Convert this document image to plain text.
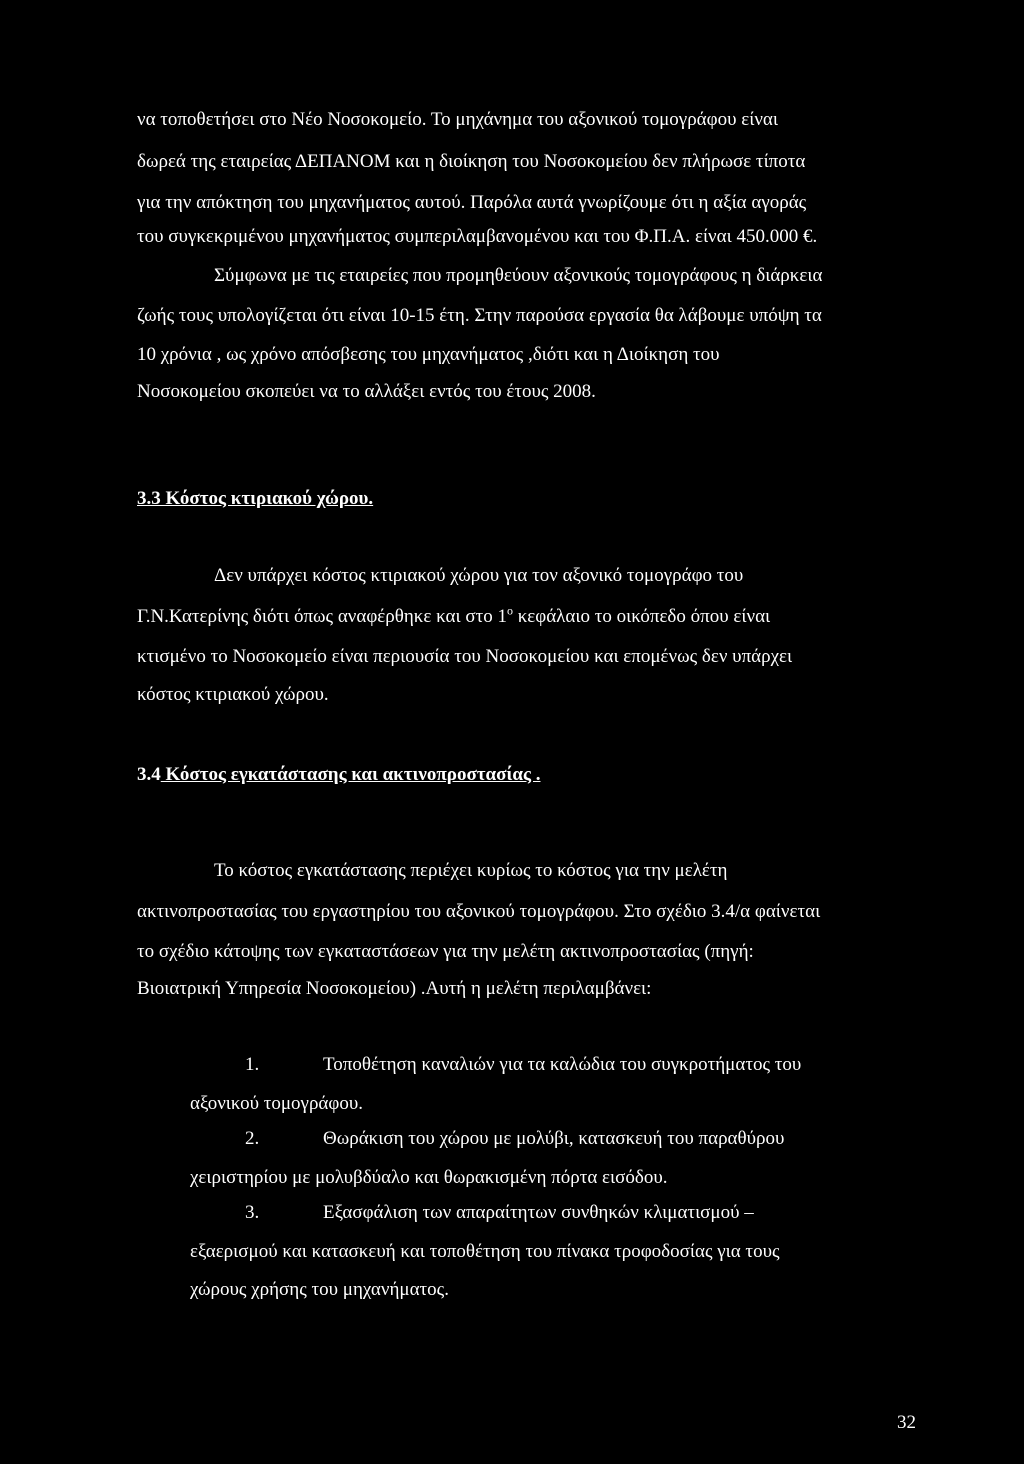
να τοποθετήσει στο Νέο Νοσοκομείο. Το μηχάνημα του αξονικού τομογράφου είναι
δωρεά της εταιρείας ΔΕΠΑΝΟΜ και η διοίκηση του Νοσοκομείου δεν πλήρωσε τίποτα
για την απόκτηση του μηχανήματος αυτού. Παρόλα αυτά γνωρίζουμε ότι η αξία αγοράς
του συγκεκριμένου μηχανήματος συμπεριλαμβανομένου και του Φ.Π.Α. είναι 450.000 €.
Σύμφωνα με τις εταιρείες που προμηθεύουν αξονικούς τομογράφους η διάρκεια
ζωής τους υπολογίζεται ότι είναι 10-15 έτη. Στην παρούσα εργασία θα λάβουμε υπόψη τα
10 χρόνια , ως χρόνο απόσβεσης του μηχανήματος ,διότι και η Διοίκηση του
Νοσοκομείου σκοπεύει να το αλλάξει εντός του έτους 2008.
3.3 Κόστος κτιριακού χώρου.
Δεν υπάρχει κόστος κτιριακού χώρου για τον αξονικό τομογράφο του
Γ.Ν.Κατερίνης διότι όπως αναφέρθηκε και στο $1^o$ κεφάλαιο το οικόπεδο όπου είναι
κτισμένο το Νοσοκομείο είναι περιουσία του Νοσοκομείου και επομένως δεν υπάρχει
κόστος κτιριακού χώρου.
3.4 Κόστος εγκατάστασης και ακτινοπροστασίας .
Το κόστος εγκατάστασης περιέχει κυρίως το κόστος για την μελέτη
ακτινοπροστασίας του εργαστηρίου του αξονικού τομογράφου. Στο σχέδιο 3.4/α φαίνεται
το σχέδιο κάτοψης των εγκαταστάσεων για την μελέτη ακτινοπροστασίας (πηγή:
Βιοιατρική Υπηρεσία Νοσοκομείου) .Αυτή η μελέτη περιλαμβάνει:
1.	Τοποθέτηση καναλιών για τα καλώδια του συγκροτήματος του
αξονικού τομογράφου.
2.	Θωράκιση του χώρου με μολύβι, κατασκευή του παραθύρου
χειριστηρίου με μολυβδύαλο και θωρακισμένη πόρτα εισόδου.
3.	Εξασφάλιση των απαραίτητων συνθηκών κλιματισμού –
εξαερισμού και κατασκευή και τοποθέτηση του πίνακα τροφοδοσίας για τους
χώρους χρήσης του μηχανήματος.
32
